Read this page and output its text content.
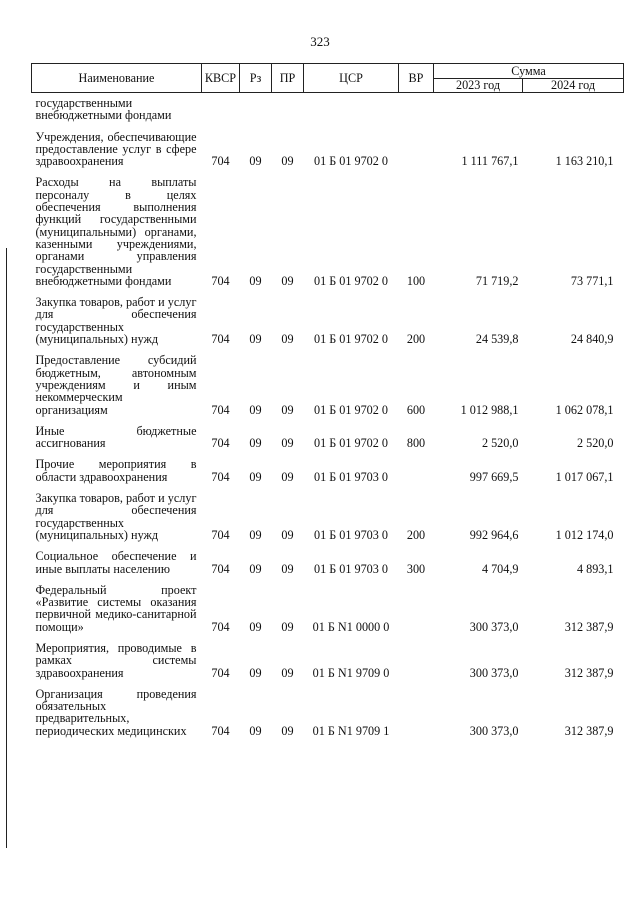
323
Наименование	КВСР	Рз	ПР	ЦСР	ВР	Сумма	
						2023 год	2024 год
государственными внебюджетными фондами							
Учреждения, обеспечивающие предоставление услуг в сфере здравоохранения	704	09	09	01 Б 01 9702 0		1 111 767,1	1 163 210,1
Расходы на выплаты персоналу в целях обеспечения выполнения функций государственными (муниципальными) органами, казенными учреждениями, органами управления государственными внебюджетными фондами	704	09	09	01 Б 01 9702 0	100	71 719,2	73 771,1
Закупка товаров, работ и услуг для обеспечения государственных (муниципальных) нужд	704	09	09	01 Б 01 9702 0	200	24 539,8	24 840,9
Предоставление субсидий бюджетным, автономным учреждениям и иным некоммерческим организациям	704	09	09	01 Б 01 9702 0	600	1 012 988,1	1 062 078,1
Иные бюджетные ассигнования	704	09	09	01 Б 01 9702 0	800	2 520,0	2 520,0
Прочие мероприятия в области здравоохранения	704	09	09	01 Б 01 9703 0		997 669,5	1 017 067,1
Закупка товаров, работ и услуг для обеспечения государственных (муниципальных) нужд	704	09	09	01 Б 01 9703 0	200	992 964,6	1 012 174,0
Социальное обеспечение и иные выплаты населению	704	09	09	01 Б 01 9703 0	300	4 704,9	4 893,1
Федеральный проект «Развитие системы оказания первичной медико-санитарной помощи»	704	09	09	01 Б N1 0000 0		300 373,0	312 387,9
Мероприятия, проводимые в рамках системы здравоохранения	704	09	09	01 Б N1 9709 0		300 373,0	312 387,9
Организация проведения обязательных предварительных, периодических медицинских	704	09	09	01 Б N1 9709 1		300 373,0	312 387,9
